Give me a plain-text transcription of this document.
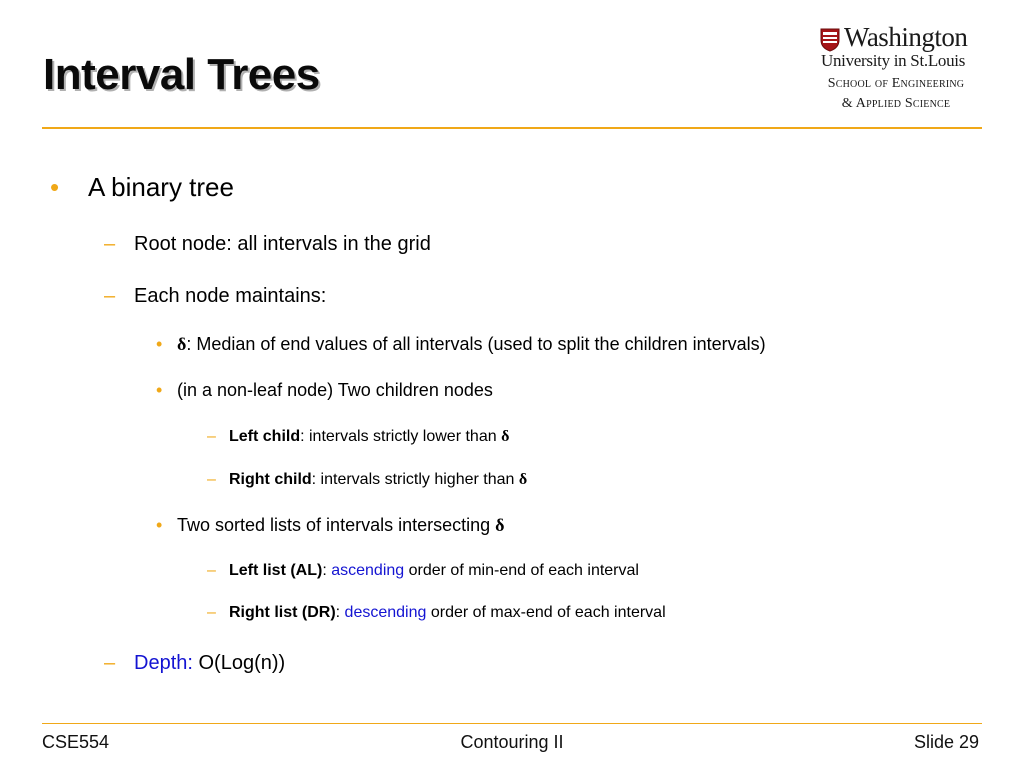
Interval Trees
Washington
University in St.Louis
School of Engineering
& Applied Science
• A binary tree
– Root node: all intervals in the grid
– Each node maintains:
• δ: Median of end values of all intervals (used to split the children intervals)
• (in a non-leaf node) Two children nodes
– Left child: intervals strictly lower than δ
– Right child: intervals strictly higher than δ
• Two sorted lists of intervals intersecting δ
– Left list (AL): ascending order of min-end of each interval
– Right list (DR): descending order of max-end of each interval
– Depth: O(Log(n))
CSE554	Contouring II	Slide 29
